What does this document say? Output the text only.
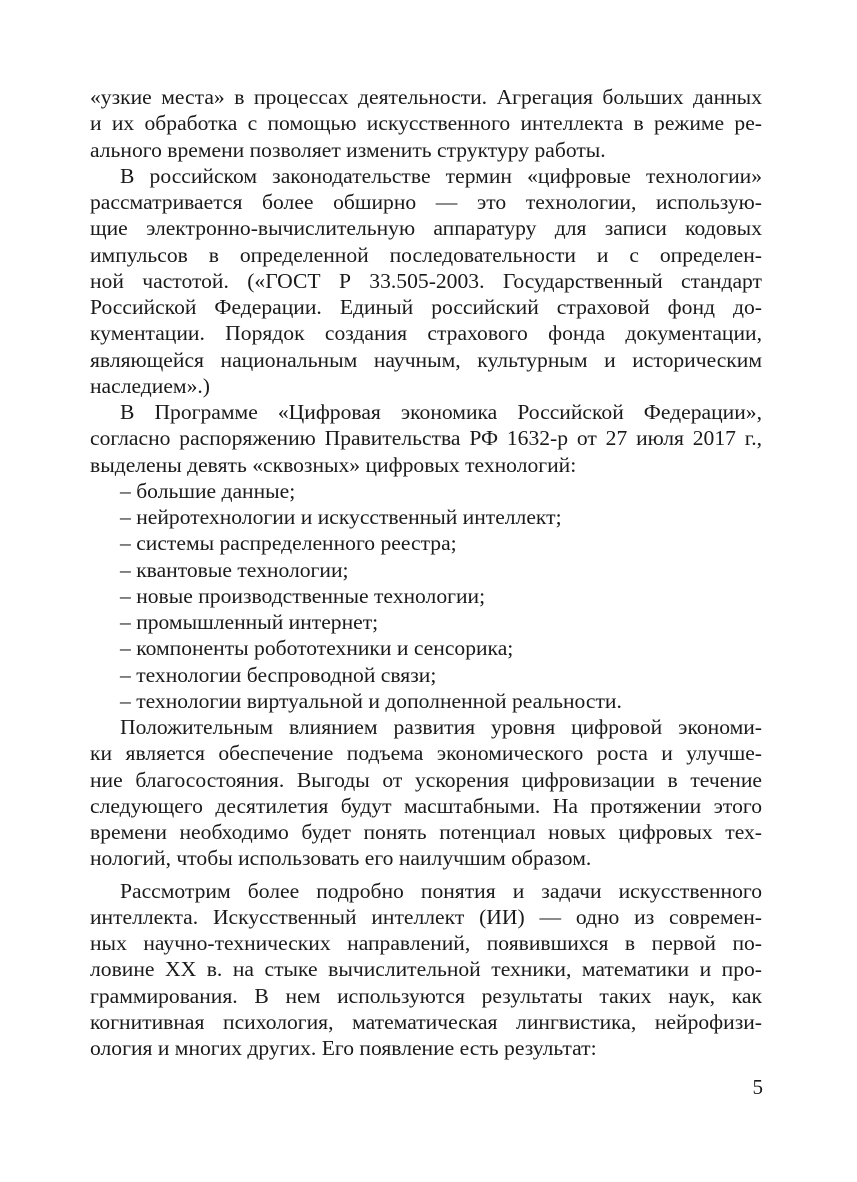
«узкие места» в процессах деятельности. Агрегация больших данных
и их обработка с помощью искусственного интеллекта в режиме ре-
ального времени позволяет изменить структуру работы.
В российском законодательстве термин «цифровые технологии»
рассматривается более обширно — это технологии, использую-
щие электронно-вычислительную аппаратуру для записи кодовых
импульсов в определенной последовательности и с определен-
ной частотой. («ГОСТ Р 33.505-2003. Государственный стандарт
Российской Федерации. Единый российский страховой фонд до-
кументации. Порядок создания страхового фонда документации,
являющейся национальным научным, культурным и историческим
наследием».)
В Программе «Цифровая экономика Российской Федерации»,
согласно распоряжению Правительства РФ 1632-р от 27 июля 2017 г.,
выделены девять «сквозных» цифровых технологий:
– большие данные;
– нейротехнологии и искусственный интеллект;
– системы распределенного реестра;
– квантовые технологии;
– новые производственные технологии;
– промышленный интернет;
– компоненты робототехники и сенсорика;
– технологии беспроводной связи;
– технологии виртуальной и дополненной реальности.
Положительным влиянием развития уровня цифровой экономи-
ки является обеспечение подъема экономического роста и улучше-
ние благосостояния. Выгоды от ускорения цифровизации в течение
следующего десятилетия будут масштабными. На протяжении этого
времени необходимо будет понять потенциал новых цифровых тех-
нологий, чтобы использовать его наилучшим образом.
Рассмотрим более подробно понятия и задачи искусственного
интеллекта. Искусственный интеллект (ИИ) — одно из современ-
ных научно-технических направлений, появившихся в первой по-
ловине XX в. на стыке вычислительной техники, математики и про-
граммирования. В нем используются результаты таких наук, как
когнитивная психология, математическая лингвистика, нейрофизи-
ология и многих других. Его появление есть результат:
5
